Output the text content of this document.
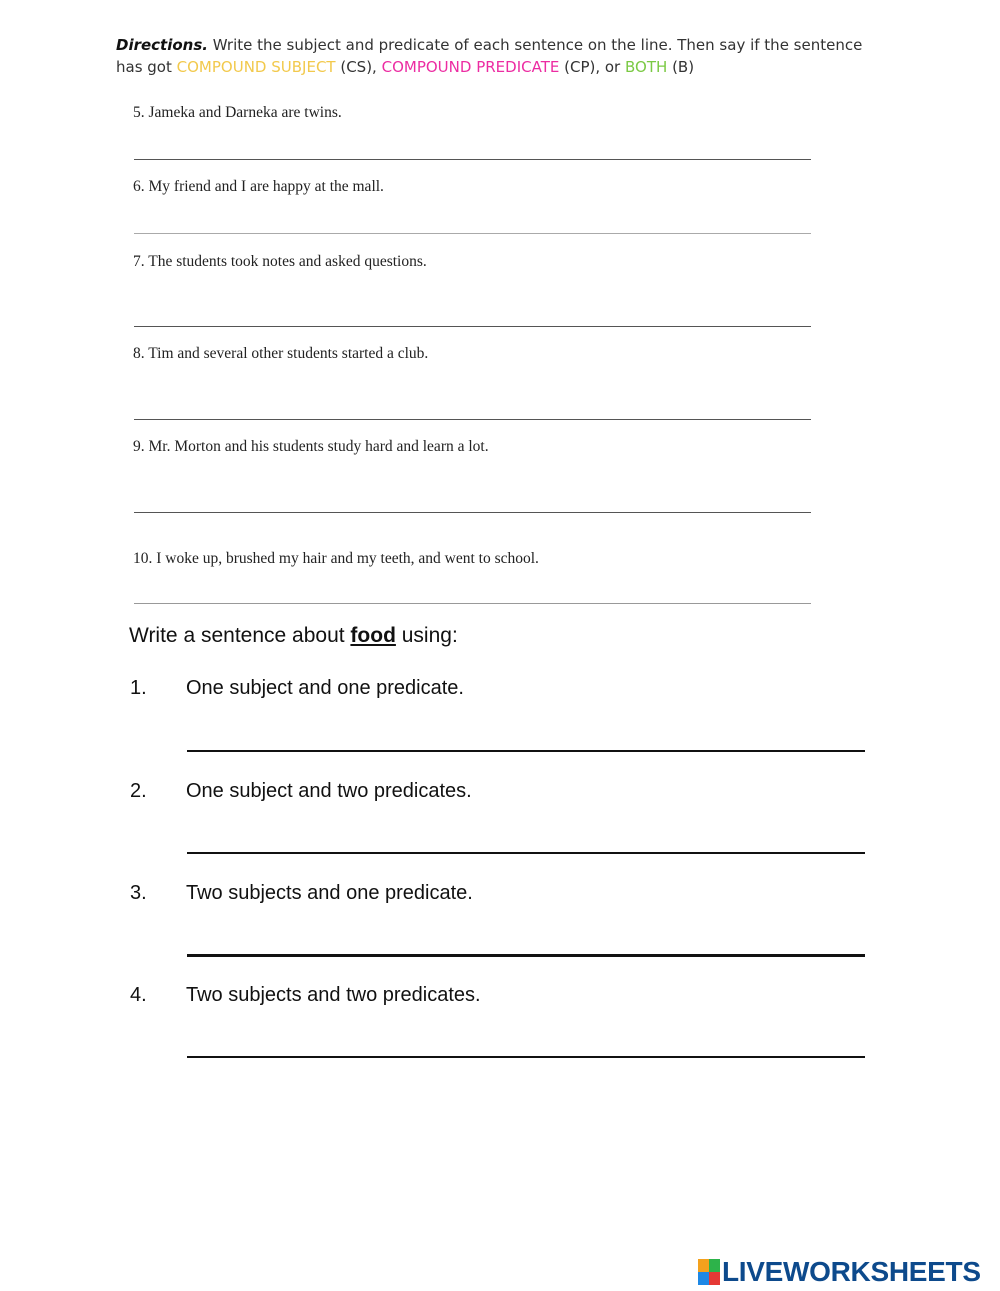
Directions. Write the subject and predicate of each sentence on the line. Then say if the sentence has got COMPOUND SUBJECT (CS), COMPOUND PREDICATE (CP), or BOTH (B)
5. Jameka and Darneka are twins.
6. My friend and I are happy at the mall.
7. The students took notes and asked questions.
8. Tim and several other students started a club.
9. Mr. Morton and his students study hard and learn a lot.
10. I woke up, brushed my hair and my teeth, and went to school.
Write a sentence about food using:
1. One subject and one predicate.
2. One subject and two predicates.
3. Two subjects and one predicate.
4. Two subjects and two predicates.
LIVEWORKSHEETS
